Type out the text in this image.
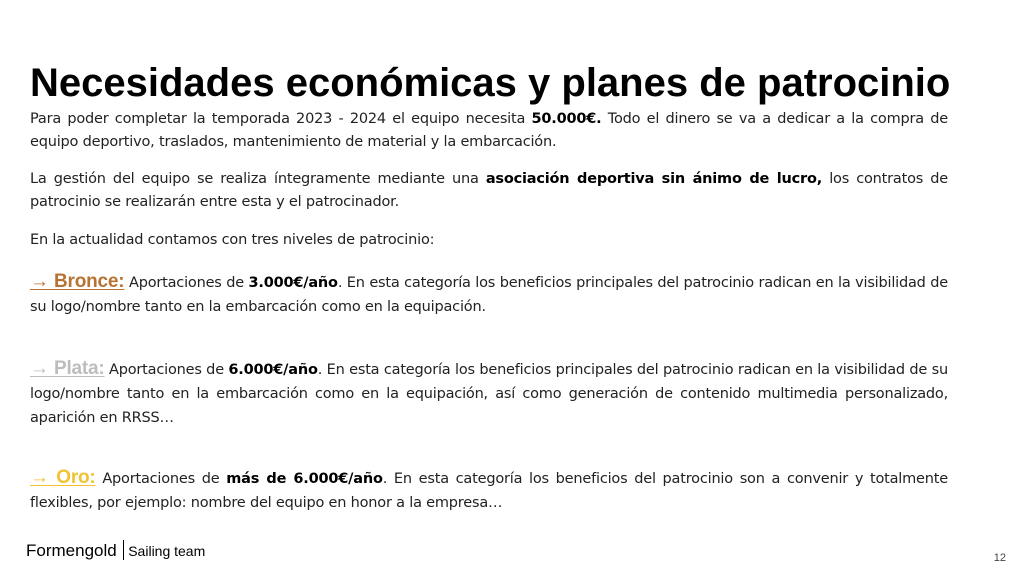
Necesidades económicas y planes de patrocinio

Para poder completar la temporada 2023 - 2024 el equipo necesita 50.000€. Todo el dinero se va a dedicar a la compra de equipo deportivo, traslados, mantenimiento de material y la embarcación.

La gestión del equipo se realiza íntegramente mediante una asociación deportiva sin ánimo de lucro, los contratos de patrocinio se realizarán entre esta y el patrocinador.

En la actualidad contamos con tres niveles de patrocinio:

→ Bronce: Aportaciones de 3.000€/año. En esta categoría los beneficios principales del patrocinio radican en la visibilidad de su logo/nombre tanto en la embarcación como en la equipación.

→ Plata: Aportaciones de 6.000€/año. En esta categoría los beneficios principales del patrocinio radican en la visibilidad de su logo/nombre tanto en la embarcación como en la equipación, así como generación de contenido multimedia personalizado, aparición en RRSS…

→ Oro: Aportaciones de más de 6.000€/año. En esta categoría los beneficios del patrocinio son a convenir y totalmente flexibles, por ejemplo: nombre del equipo en honor a la empresa…

Formengold Sailing team	12
